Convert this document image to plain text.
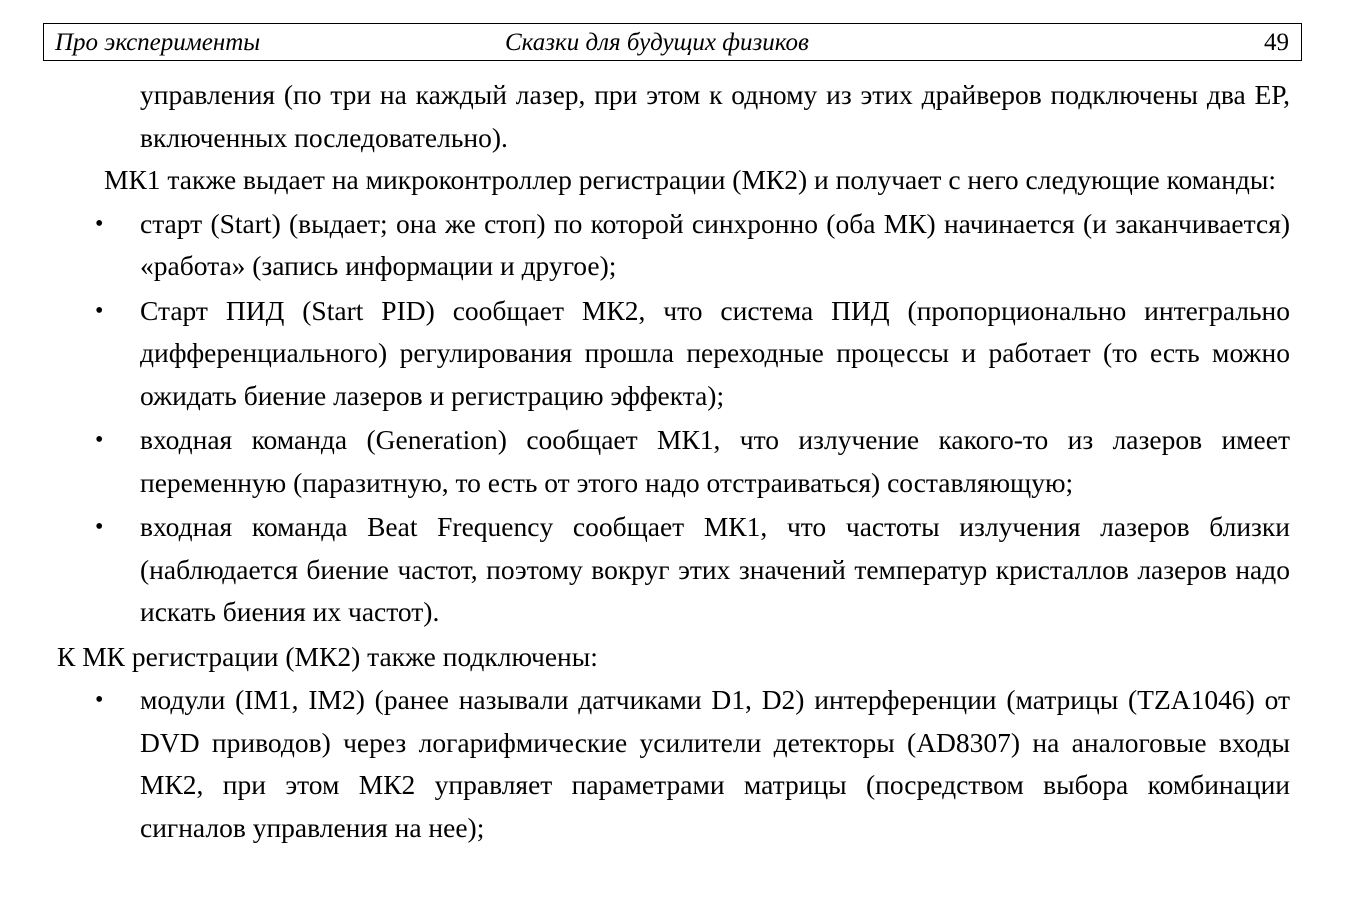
Про эксперименты	Сказки для будущих физиков	49

управления (по три на каждый лазер, при этом к одному из этих драйверов подключены два ЕР, включенных последовательно).

МК1 также выдает на микроконтроллер регистрации (МК2) и получает с него следующие команды:

• старт (Start) (выдает; она же стоп) по которой синхронно (оба МК) начинается (и заканчивается) «работа» (запись информации и другое);
• Старт ПИД (Start PID) сообщает МК2, что система ПИД (пропорционально интегрально дифференциального) регулирования прошла переходные процессы и работает (то есть можно ожидать биение лазеров и регистрацию эффекта);
• входная команда (Generation) сообщает МК1, что излучение какого-то из лазеров имеет переменную (паразитную, то есть от этого надо отстраиваться) составляющую;
• входная команда Beat Frequency сообщает МК1, что частоты излучения лазеров близки (наблюдается биение частот, поэтому вокруг этих значений температур кристаллов лазеров надо искать биения их частот).

К МК регистрации (МК2) также подключены:

• модули (IM1, IM2) (ранее называли датчиками D1, D2) интерференции (матрицы (TZA1046) от DVD приводов) через логарифмические усилители детекторы (AD8307) на аналоговые входы МК2, при этом МК2 управляет параметрами матрицы (посредством выбора комбинации сигналов управления на нее);
